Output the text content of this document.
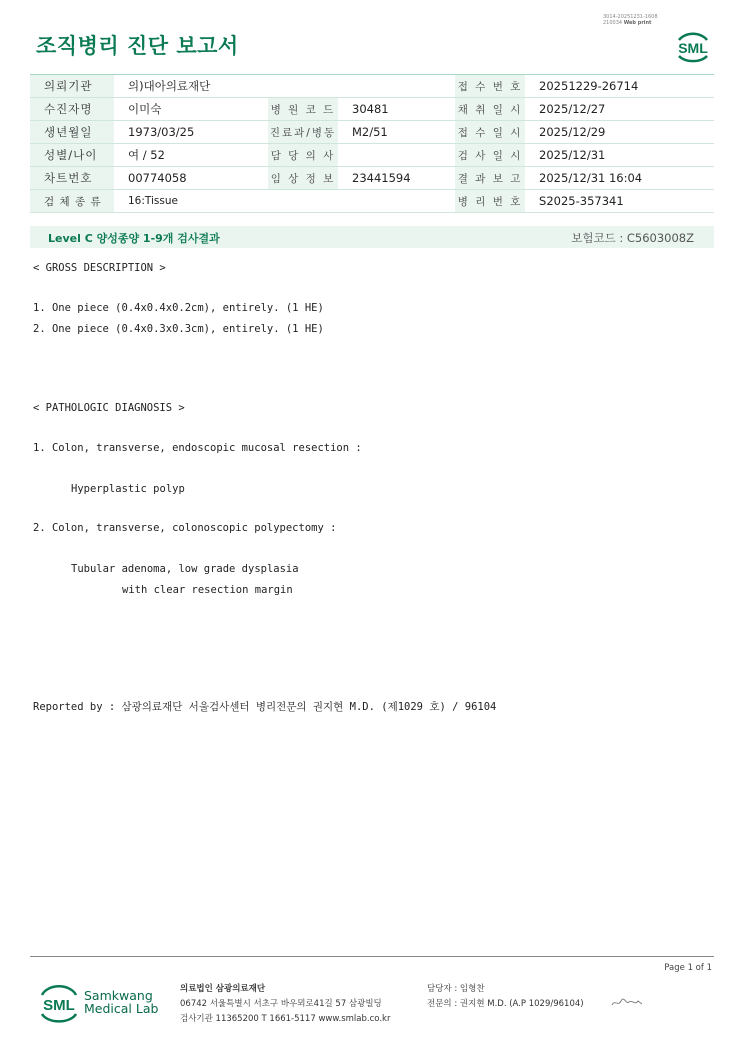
조직병리 진단 보고서
3014-20251231-1608
210034 Web print
SML
의뢰기관	의)대아의료재단			접 수 번 호	20251229-26714
수진자명	이미숙	병 원 코 드	30481	채 취 일 시	2025/12/27
생년월일	1973/03/25	진료과/병동	M2/51	접 수 일 시	2025/12/29
성별/나이	여 / 52	담 당 의 사		검 사 일 시	2025/12/31
차트번호	00774058	임 상 정 보	23441594	결 과 보 고	2025/12/31 16:04
검 체 종 류	16:Tissue			병 리 번 호	S2025-357341
Level C 양성종양 1-9개 검사결과	보험코드 : C5603008Z
< GROSS DESCRIPTION >
1. One piece (0.4x0.4x0.2cm), entirely. (1 HE)
2. One piece (0.4x0.3x0.3cm), entirely. (1 HE)
< PATHOLOGIC DIAGNOSIS >
1. Colon, transverse, endoscopic mucosal resection :
Hyperplastic polyp
2. Colon, transverse, colonoscopic polypectomy :
Tubular adenoma, low grade dysplasia
with clear resection margin
Reported by : 삼광의료재단 서울검사센터 병리전문의 권지현 M.D. (제1029 호) / 96104
Page 1 of 1
SML
Samkwang
Medical Lab
의료법인 삼광의료재단
06742 서울특별시 서초구 바우뫼로41길 57 삼광빌딩
검사기관 11365200 T 1661-5117 www.smlab.co.kr
담당자 : 임형찬
전문의 : 권지현 M.D. (A.P 1029/96104)
